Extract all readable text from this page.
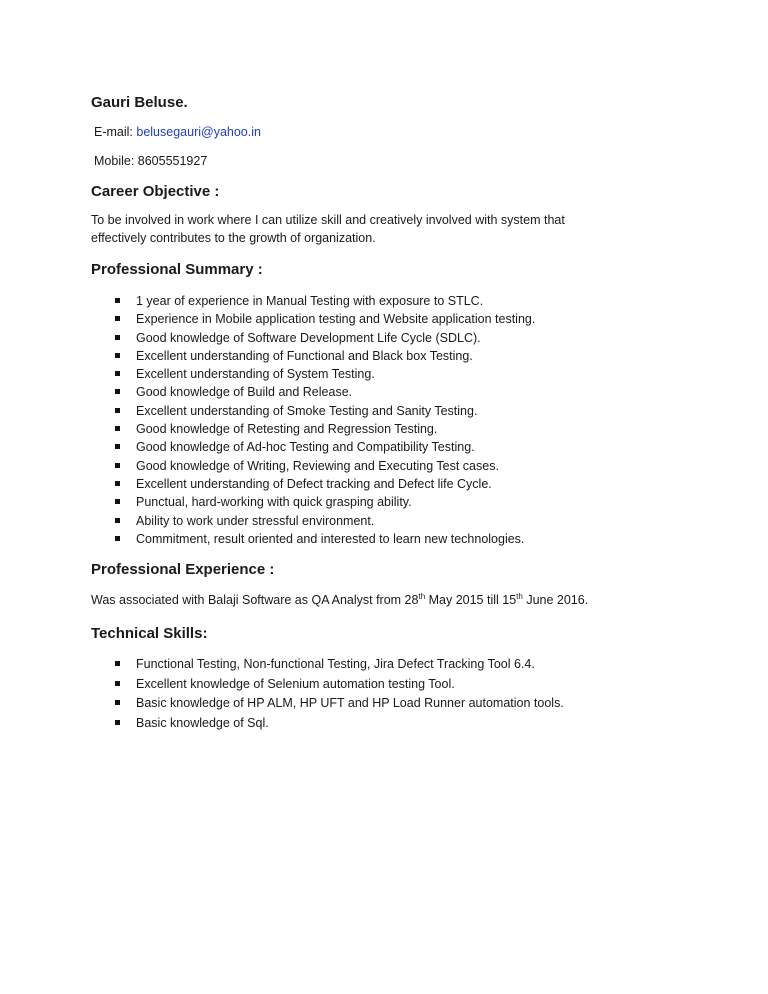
Gauri Beluse.

E-mail: belusegauri@yahoo.in

Mobile: 8605551927

Career Objective :

To be involved in work where I can utilize skill and creatively involved with system that

effectively contributes to the growth of organization.

Professional Summary :

1 year of experience in Manual Testing with exposure to STLC.
Experience in Mobile application testing and Website application testing.
Good knowledge of Software Development Life Cycle (SDLC).
Excellent understanding of Functional and Black box Testing.
Excellent understanding of System Testing.
Good knowledge of Build and Release.
Excellent understanding of Smoke Testing and Sanity Testing.
Good knowledge of Retesting and Regression Testing.
Good knowledge of Ad-hoc Testing and Compatibility Testing.
Good knowledge of Writing, Reviewing and Executing Test cases.
Excellent understanding of Defect tracking and Defect life Cycle.
Punctual, hard-working with quick grasping ability.
Ability to work under stressful environment.
Commitment, result oriented and interested to learn new technologies.

Professional Experience :

Was associated with Balaji Software as QA Analyst from 28th May 2015 till 15th June 2016.

Technical Skills:

Functional Testing, Non-functional Testing, Jira Defect Tracking Tool 6.4.
Excellent knowledge of Selenium automation testing Tool.
Basic knowledge of HP ALM, HP UFT and HP Load Runner automation tools.
Basic knowledge of Sql.
